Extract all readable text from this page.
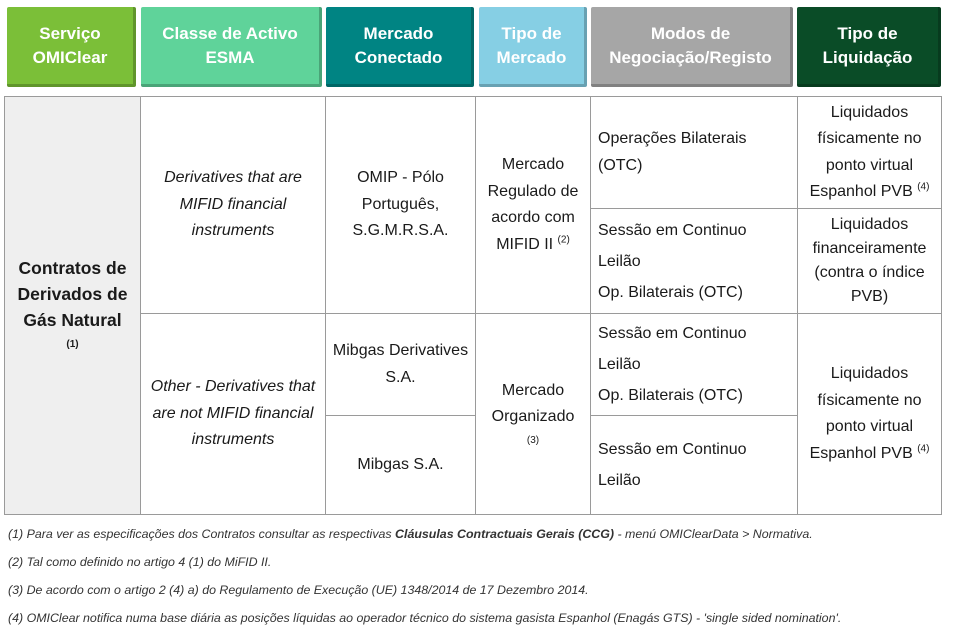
Serviço
OMIClear
Classe de Activo
ESMA
Mercado
Conectado
Tipo de
Mercado
Modos de
Negociação/Registo
Tipo de
Liquidação
Contratos de
Derivados de
Gás Natural
(1)
Derivatives that are
MIFID financial
instruments
Other - Derivatives that
are not MIFID financial
instruments
OMIP - Pólo
Português,
S.G.M.R.S.A.
Mibgas Derivatives
S.A.
Mibgas S.A.
Mercado
Regulado de
acordo com
MIFID II $^{(2)}$
Mercado
Organizado
(3)
Operações Bilaterais
(OTC)
Sessão em Continuo
Leilão
Op. Bilaterais (OTC)
Sessão em Continuo
Leilão
Op. Bilaterais (OTC)
Sessão em Continuo
Leilão
Liquidados
físicamente no
ponto virtual
Espanhol PVB $^{(4)}$
Liquidados
financeiramente
(contra o índice
PVB)
Liquidados
físicamente no
ponto virtual
Espanhol PVB $^{(4)}$
(1) Para ver as especificações dos Contratos consultar as respectivas Cláusulas Contractuais Gerais (CCG) - menú OMIClearData > Normativa.
(2) Tal como definido no artigo 4 (1) do MiFID II.
(3) De acordo com o artigo 2 (4) a) do Regulamento de Execução (UE) 1348/2014 de 17 Dezembro 2014.
(4) OMIClear notifica numa base diária as posições líquidas ao operador técnico do sistema gasista Espanhol (Enagás GTS) - 'single sided nomination'.
